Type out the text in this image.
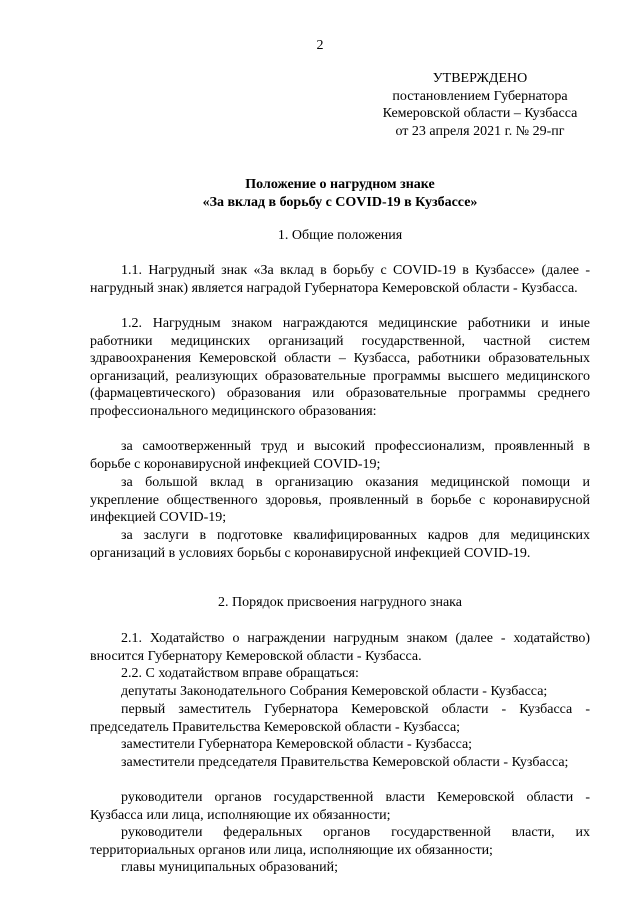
2
УТВЕРЖДЕНО
постановлением Губернатора
Кемеровской области – Кузбасса
от 23 апреля 2021 г. № 29-пг
Положение о нагрудном знаке
«За вклад в борьбу с COVID-19 в Кузбассе»
1. Общие положения

1.1. Нагрудный знак «За вклад в борьбу с COVID-19 в Кузбассе» (далее - нагрудный знак) является наградой Губернатора Кемеровской области - Кузбасса.

1.2. Нагрудным знаком награждаются медицинские работники и иные работники медицинских организаций государственной, частной систем здравоохранения Кемеровской области – Кузбасса, работники образовательных организаций, реализующих образовательные программы высшего медицинского (фармацевтического) образования или образовательные программы среднего профессионального медицинского образования:

за самоотверженный труд и высокий профессионализм, проявленный в борьбе с коронавирусной инфекцией COVID-19;

за большой вклад в организацию оказания медицинской помощи и укрепление общественного здоровья, проявленный в борьбе с коронавирусной инфекцией COVID-19;

за заслуги в подготовке квалифицированных кадров для медицинских организаций в условиях борьбы с коронавирусной инфекцией COVID-19.

2. Порядок присвоения нагрудного знака

2.1. Ходатайство о награждении нагрудным знаком (далее - ходатайство) вносится Губернатору Кемеровской области - Кузбасса.

2.2. С ходатайством вправе обращаться:

депутаты Законодательного Собрания Кемеровской области - Кузбасса;

первый заместитель Губернатора Кемеровской области - Кузбасса - председатель Правительства Кемеровской области - Кузбасса;

заместители Губернатора Кемеровской области - Кузбасса;

заместители председателя Правительства Кемеровской области - Кузбасса;

руководители органов государственной власти Кемеровской области - Кузбасса или лица, исполняющие их обязанности;

руководители федеральных органов государственной власти, их территориальных органов или лица, исполняющие их обязанности;

главы муниципальных образований;
